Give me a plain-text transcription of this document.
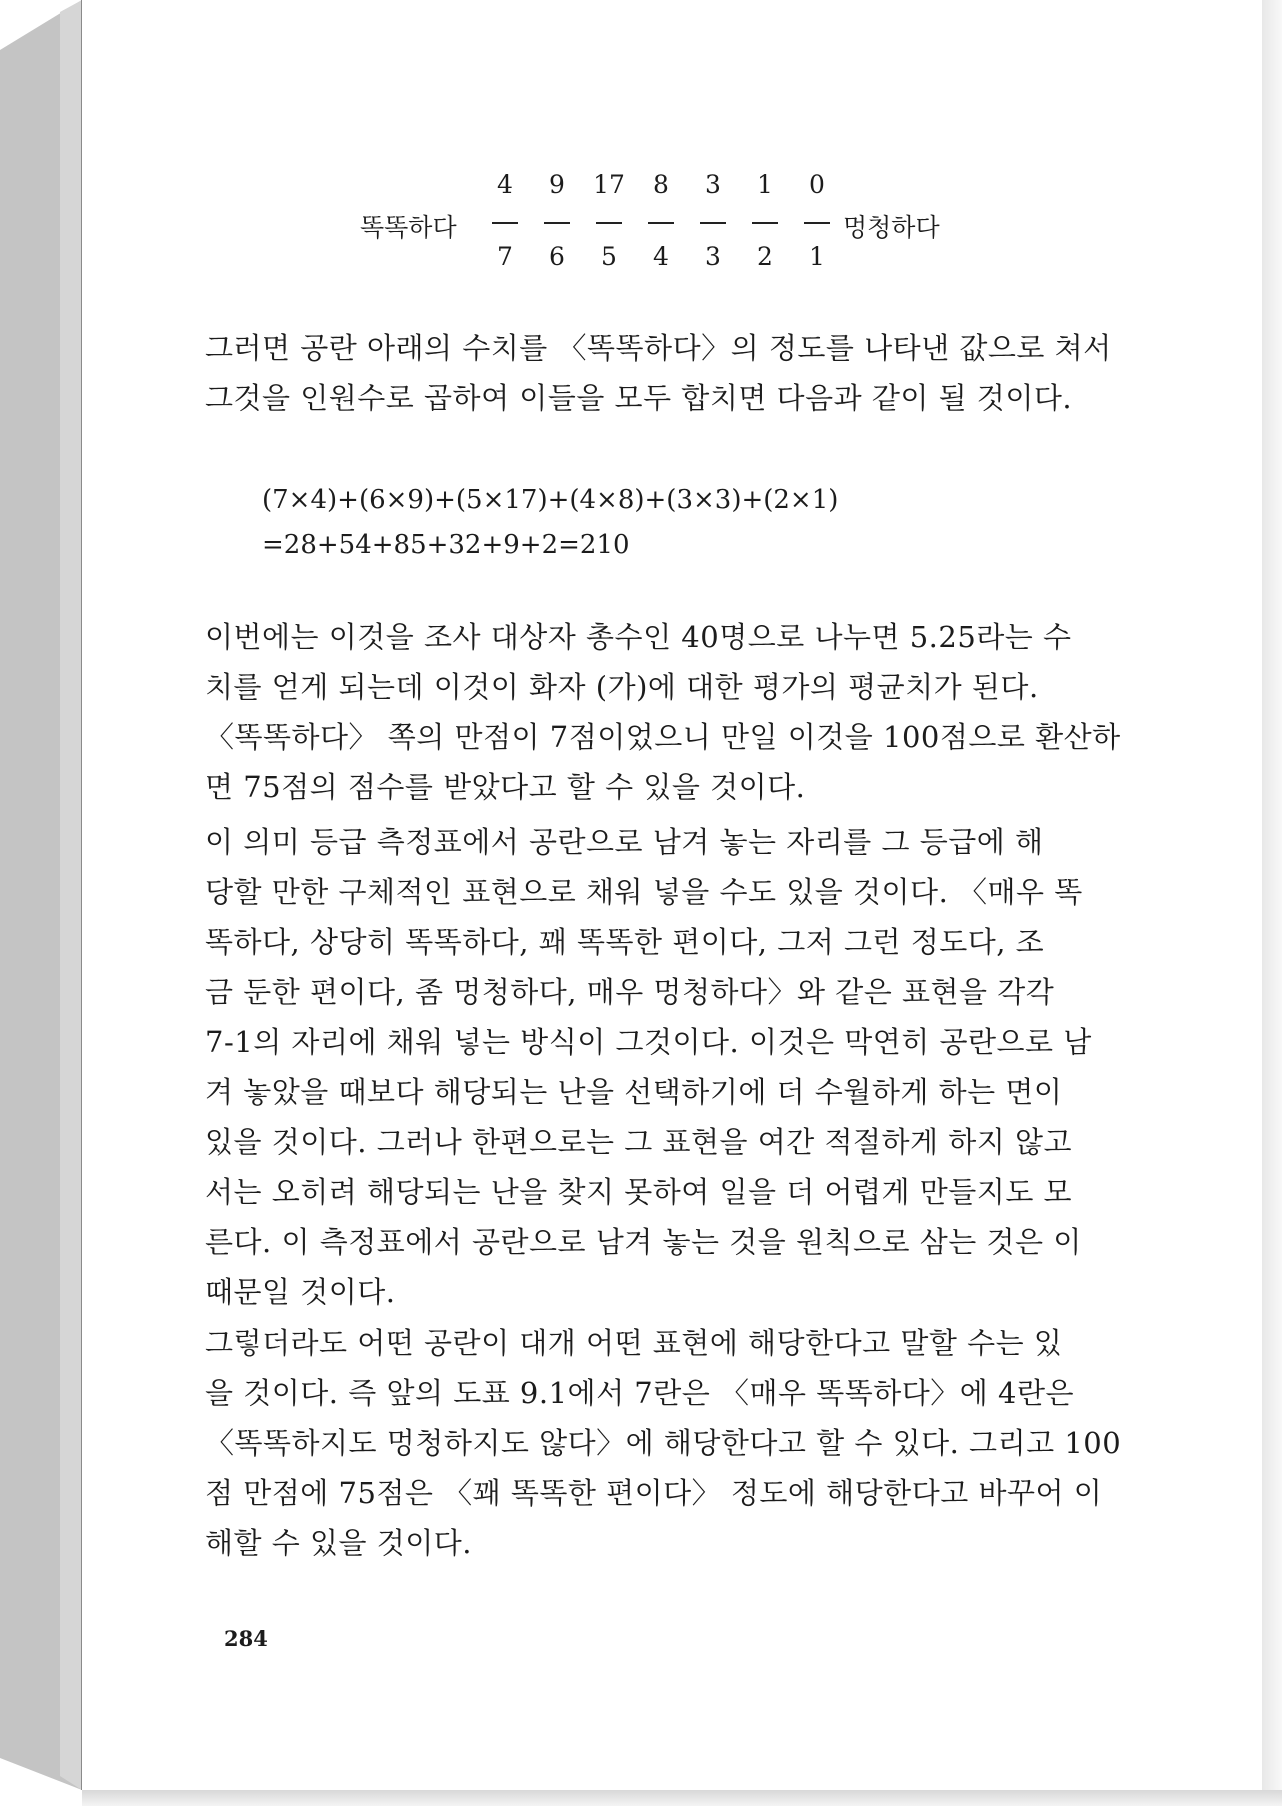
똑똑하다
4
7
9
6
17
5
8
4
3
3
1
2
0
1
멍청하다
그러면 공란 아래의 수치를 〈똑똑하다〉의 정도를 나타낸 값으로 쳐서
그것을 인원수로 곱하여 이들을 모두 합치면 다음과 같이 될 것이다.

(7×4)+(6×9)+(5×17)+(4×8)+(3×3)+(2×1)

=28+54+85+32+9+2=210

이번에는 이것을 조사 대상자 총수인 40명으로 나누면 5.25라는 수
치를 얻게 되는데 이것이 화자 (가)에 대한 평가의 평균치가 된다.
〈똑똑하다〉 쪽의 만점이 7점이었으니 만일 이것을 100점으로 환산하
면 75점의 점수를 받았다고 할 수 있을 것이다.
이 의미 등급 측정표에서 공란으로 남겨 놓는 자리를 그 등급에 해
당할 만한 구체적인 표현으로 채워 넣을 수도 있을 것이다. 〈매우 똑
똑하다, 상당히 똑똑하다, 꽤 똑똑한 편이다, 그저 그런 정도다, 조
금 둔한 편이다, 좀 멍청하다, 매우 멍청하다〉와 같은 표현을 각각
7-1의 자리에 채워 넣는 방식이 그것이다. 이것은 막연히 공란으로 남
겨 놓았을 때보다 해당되는 난을 선택하기에 더 수월하게 하는 면이
있을 것이다. 그러나 한편으로는 그 표현을 여간 적절하게 하지 않고
서는 오히려 해당되는 난을 찾지 못하여 일을 더 어렵게 만들지도 모
른다. 이 측정표에서 공란으로 남겨 놓는 것을 원칙으로 삼는 것은 이
때문일 것이다.
그렇더라도 어떤 공란이 대개 어떤 표현에 해당한다고 말할 수는 있
을 것이다. 즉 앞의 도표 9.1에서 7란은 〈매우 똑똑하다〉에 4란은
〈똑똑하지도 멍청하지도 않다〉에 해당한다고 할 수 있다. 그리고 100
점 만점에 75점은 〈꽤 똑똑한 편이다〉 정도에 해당한다고 바꾸어 이
해할 수 있을 것이다.
284
